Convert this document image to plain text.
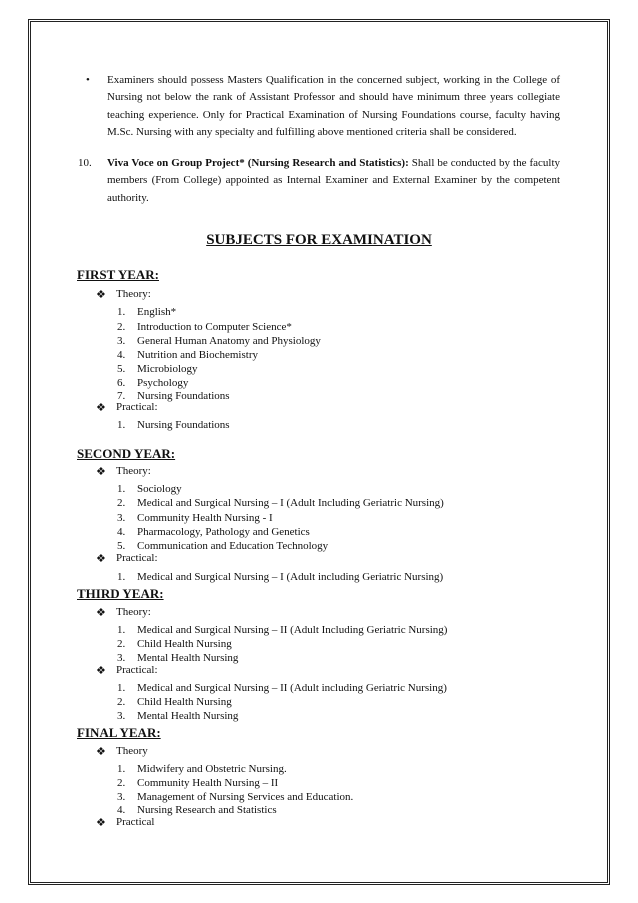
• Examiners should possess Masters Qualification in the concerned subject, working in the College of Nursing not below the rank of Assistant Professor and should have minimum three years collegiate teaching experience. Only for Practical Examination of Nursing Foundations course, faculty having M.Sc. Nursing with any specialty and fulfilling above mentioned criteria shall be considered.

10. Viva Voce on Group Project* (Nursing Research and Statistics): Shall be conducted by the faculty members (From College) appointed as Internal Examiner and External Examiner by the competent authority.

SUBJECTS FOR EXAMINATION
FIRST YEAR:
❖ Theory:
1. English*
2. Introduction to Computer Science*
3. General Human Anatomy and Physiology
4. Nutrition and Biochemistry
5. Microbiology
6. Psychology
7. Nursing Foundations
❖ Practical:
1. Nursing Foundations
SECOND YEAR:
❖ Theory:
1. Sociology
2. Medical and Surgical Nursing – I (Adult Including Geriatric Nursing)
3. Community Health Nursing - I
4. Pharmacology, Pathology and Genetics
5. Communication and Education Technology
❖ Practical:
1. Medical and Surgical Nursing – I (Adult including Geriatric Nursing)
THIRD YEAR:
❖ Theory:
1. Medical and Surgical Nursing – II (Adult Including Geriatric Nursing)
2. Child Health Nursing
3. Mental Health Nursing
❖ Practical:
1. Medical and Surgical Nursing – II (Adult including Geriatric Nursing)
2. Child Health Nursing
3. Mental Health Nursing
FINAL YEAR:
❖ Theory
1. Midwifery and Obstetric Nursing.
2. Community Health Nursing – II
3. Management of Nursing Services and Education.
4. Nursing Research and Statistics
❖ Practical
